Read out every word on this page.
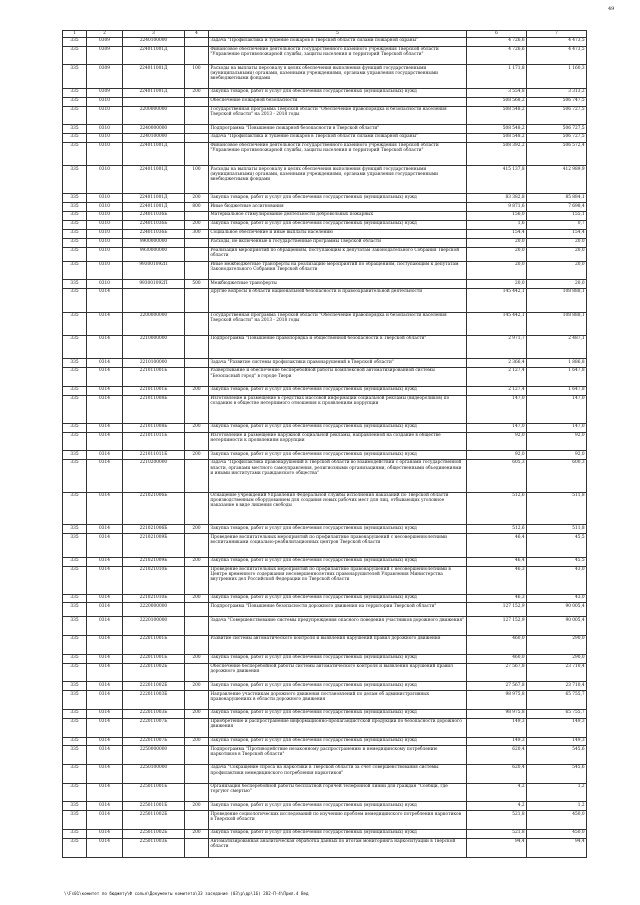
49
1	2	3	4	5	6	7
335	0309	2240100000		Задача "Профилактика и тушение пожаров в Тверской области силами пожарной охраны"	4 726,6	4 473,5
335	0309	224011001Д		Финансовое обеспечение деятельности государственного казенного учреждения Тверской области "Управление противопожарной службы, защиты населения и территорий Тверской области"	4 726,6	4 473,5
335	0309	224011001Д	100	Расходы на выплаты персоналу в целях обеспечения выполнения функций государственными (муниципальными) органами, казенными учреждениями, органами управления государственными внебюджетными фондами	1 171,8	1 160,3
335	0309	224011001Д	200	Закупка товаров, работ и услуг для обеспечения государственных (муниципальных) нужд	3 554,8	3 313,2
335	0310			Обеспечение пожарной безопасности	508 568,2	506 747,5
335	0310	2200000000		Государственная программа Тверской области "Обеспечение правопорядка и безопасности населения Тверской области" на 2013 - 2018 годы	508 548,2	506 727,5
335	0310	2240000000		Подпрограмма "Повышение пожарной безопасности в Тверской области"	508 548,2	506 727,5
335	0310	2240100000		Задача "Профилактика и тушение пожаров в Тверской области силами пожарной охраны"	508 548,2	506 727,5
335	0310	224011001Д		Финансовое обеспечение деятельности государственного казенного учреждения Тверской области "Управление противопожарной службы, защиты населения и территорий Тверской области"	508 392,2	506 572,4
335	0310	224011001Д	100	Расходы на выплаты персоналу в целях обеспечения выполнения функций государственными (муниципальными) органами, казенными учреждениями, органами управления государственными внебюджетными фондами	415 137,8	412 989,9
335	0310	224011001Д	200	Закупка товаров, работ и услуг для обеспечения государственных (муниципальных) нужд	83 382,8	85 884,1
335	0310	224011001Д	800	Иные бюджетные ассигнования	9 871,6	7 698,4
335	0310	224011036Б		Материальное стимулирование деятельности добровольных пожарных	156,0	155,1
335	0310	224011036Б	200	Закупка товаров, работ и услуг для обеспечения государственных (муниципальных) нужд	1,6	0,7
335	0310	224011036Б	300	Социальное обеспечение и иные выплаты населению	154,4	154,4
335	0310	9900000000		Расходы, не включенные в государственные программы Тверской области	20,0	20,0
335	0310	9930000000		Реализация мероприятий по обращениям, поступающим к депутатам Законодательного Собрания Тверской области	20,0	20,0
335	0310	993001092П		Иные межбюджетные трансферты на реализацию мероприятий по обращениям, поступающим к депутатам Законодательного Собрания Тверской области	20,0	20,0
335	0310	993001092П	500	Межбюджетные трансферты	20,0	20,0
335	0314			Другие вопросы в области национальной безопасности и правоохранительной деятельности	145 442,1	108 888,1
335	0314	2200000000		Государственная программа Тверской области "Обеспечение правопорядка и безопасности населения Тверской области" на 2013 - 2018 годы	145 442,1	108 888,1
335	0314	2210000000		Подпрограмма "Повышение правопорядка и общественной безопасности в Тверской области"	2 971,7	2 487,1
335	0314	2210100000		Задача "Развитие системы профилактики правонарушений в Тверской области"	2 366,4	1 886,8
335	0314	221011001Б		Развертывание и обеспечение бесперебойной работы комплексной автоматизированной системы "Безопасный город" в городе Твери	2 127,4	1 647,8
335	0314	221011001Б	200	Закупка товаров, работ и услуг для обеспечения государственных (муниципальных) нужд	2 127,4	1 647,8
335	0314	221011008Б		Изготовление и размещение в средствах массовой информации социальной рекламы (видеороликов) по созданию в обществе нетерпимого отношения к проявлениям коррупции	147,0	147,0
335	0314	221011008Б	200	Закупка товаров, работ и услуг для обеспечения государственных (муниципальных) нужд	147,0	147,0
335	0314	221011011Б		Изготовление и размещение наружной социальной рекламы, направленной на создание в обществе нетерпимости к проявлениям коррупции	92,0	92,0
335	0314	221011011Б	200	Закупка товаров, работ и услуг для обеспечения государственных (муниципальных) нужд	92,0	92,0
335	0314	2210200000		Задача "Профилактика правонарушений в Тверской области во взаимодействии с органами государственной власти, органами местного самоуправления, религиозными организациями, общественными объединениями и иными институтами гражданского общества"	605,3	600,3
335	0314	221021006Б		Оснащение учреждений Управления Федеральной службы исполнения наказаний по Тверской области производственным оборудованием для создания новых рабочих мест для лиц, отбывающих уголовное наказание в виде лишения свободы	512,6	511,8
335	0314	221021006Б	200	Закупка товаров, работ и услуг для обеспечения государственных (муниципальных) нужд	512,6	511,8
335	0314	221021009Б		Проведение воспитательных мероприятий по профилактике правонарушений с несовершеннолетними воспитанниками социально-реабилитационных центров Тверской области	46,4	45,5
335	0314	221021009Б	200	Закупка товаров, работ и услуг для обеспечения государственных (муниципальных) нужд	46,4	45,5
335	0314	221021010Б		Проведение воспитательных мероприятий по профилактике правонарушений с несовершеннолетними в Центре временного содержания несовершеннолетних правонарушителей Управления Министерства внутренних дел Российской Федерации по Тверской области	46,3	43,0
335	0314	221021010Б	200	Закупка товаров, работ и услуг для обеспечения государственных (муниципальных) нужд	46,3	43,0
335	0314	2220000000		Подпрограмма "Повышение безопасности дорожного движения на территории Тверской области"	127 152,9	90 005,4
335	0314	2220100000		Задача "Совершенствование системы предупреждения опасного поведения участников дорожного движения"	127 152,9	90 005,4
335	0314	222011001Б		Развитие системы автоматического контроля и выявления нарушений правил дорожного движения	460,0	290,0
335	0314	222011001Б	200	Закупка товаров, работ и услуг для обеспечения государственных (муниципальных) нужд	460,0	290,0
335	0314	222011002Б		Обеспечение бесперебойной работы системы автоматического контроля и выявления нарушений правил дорожного движения	27 567,8	23 710,4
335	0314	222011002Б	200	Закупка товаров, работ и услуг для обеспечения государственных (муниципальных) нужд	27 567,8	23 710,4
335	0314	222011003Б		Направление участникам дорожного движения постановлений по делам об административных правонарушениях в области дорожного движения	98 975,8	65 755,7
335	0314	222011003Б	200	Закупка товаров, работ и услуг для обеспечения государственных (муниципальных) нужд	98 975,8	65 755,7
335	0314	222011007Б		Приобретение и распространение информационно-пропагандистской продукции по безопасности дорожного движения	149,3	149,3
335	0314	222011007Б	200	Закупка товаров, работ и услуг для обеспечения государственных (муниципальных) нужд	149,3	149,3
335	0314	2250000000		Подпрограмма "Противодействие незаконному распространению и немедицинскому потреблению наркотиков в Тверской области"	620,4	545,6
335	0314	2250100000		Задача "Сокращение спроса на наркотики в Тверской области за счет совершенствования системы профилактики немедицинского потребления наркотиков"	620,4	545,6
335	0314	225011001Б		Организация бесперебойной работы бесплатной горячей телефонной линии для граждан "Сообщи, где торгуют смертью"	4,2	1,2
335	0314	225011001Б	200	Закупка товаров, работ и услуг для обеспечения государственных (муниципальных) нужд	4,2	1,2
335	0314	225011002Б		Проведение социологических исследований по изучению проблем немедицинского потребления наркотиков в Тверской области	521,8	450,0
335	0314	225011002Б	200	Закупка товаров, работ и услуг для обеспечения государственных (муниципальных) нужд	521,8	450,0
335	0314	225011003Б		Автоматизированная аналитическая обработка данных по итогам мониторинга наркоситуации в Тверской области	94,4	94,4
\\Fs01\комитет по бюджету\Ф солья\Документы комитета\33 заседание (03\р\др\16) 282-П-4\Прил.4 Вед
